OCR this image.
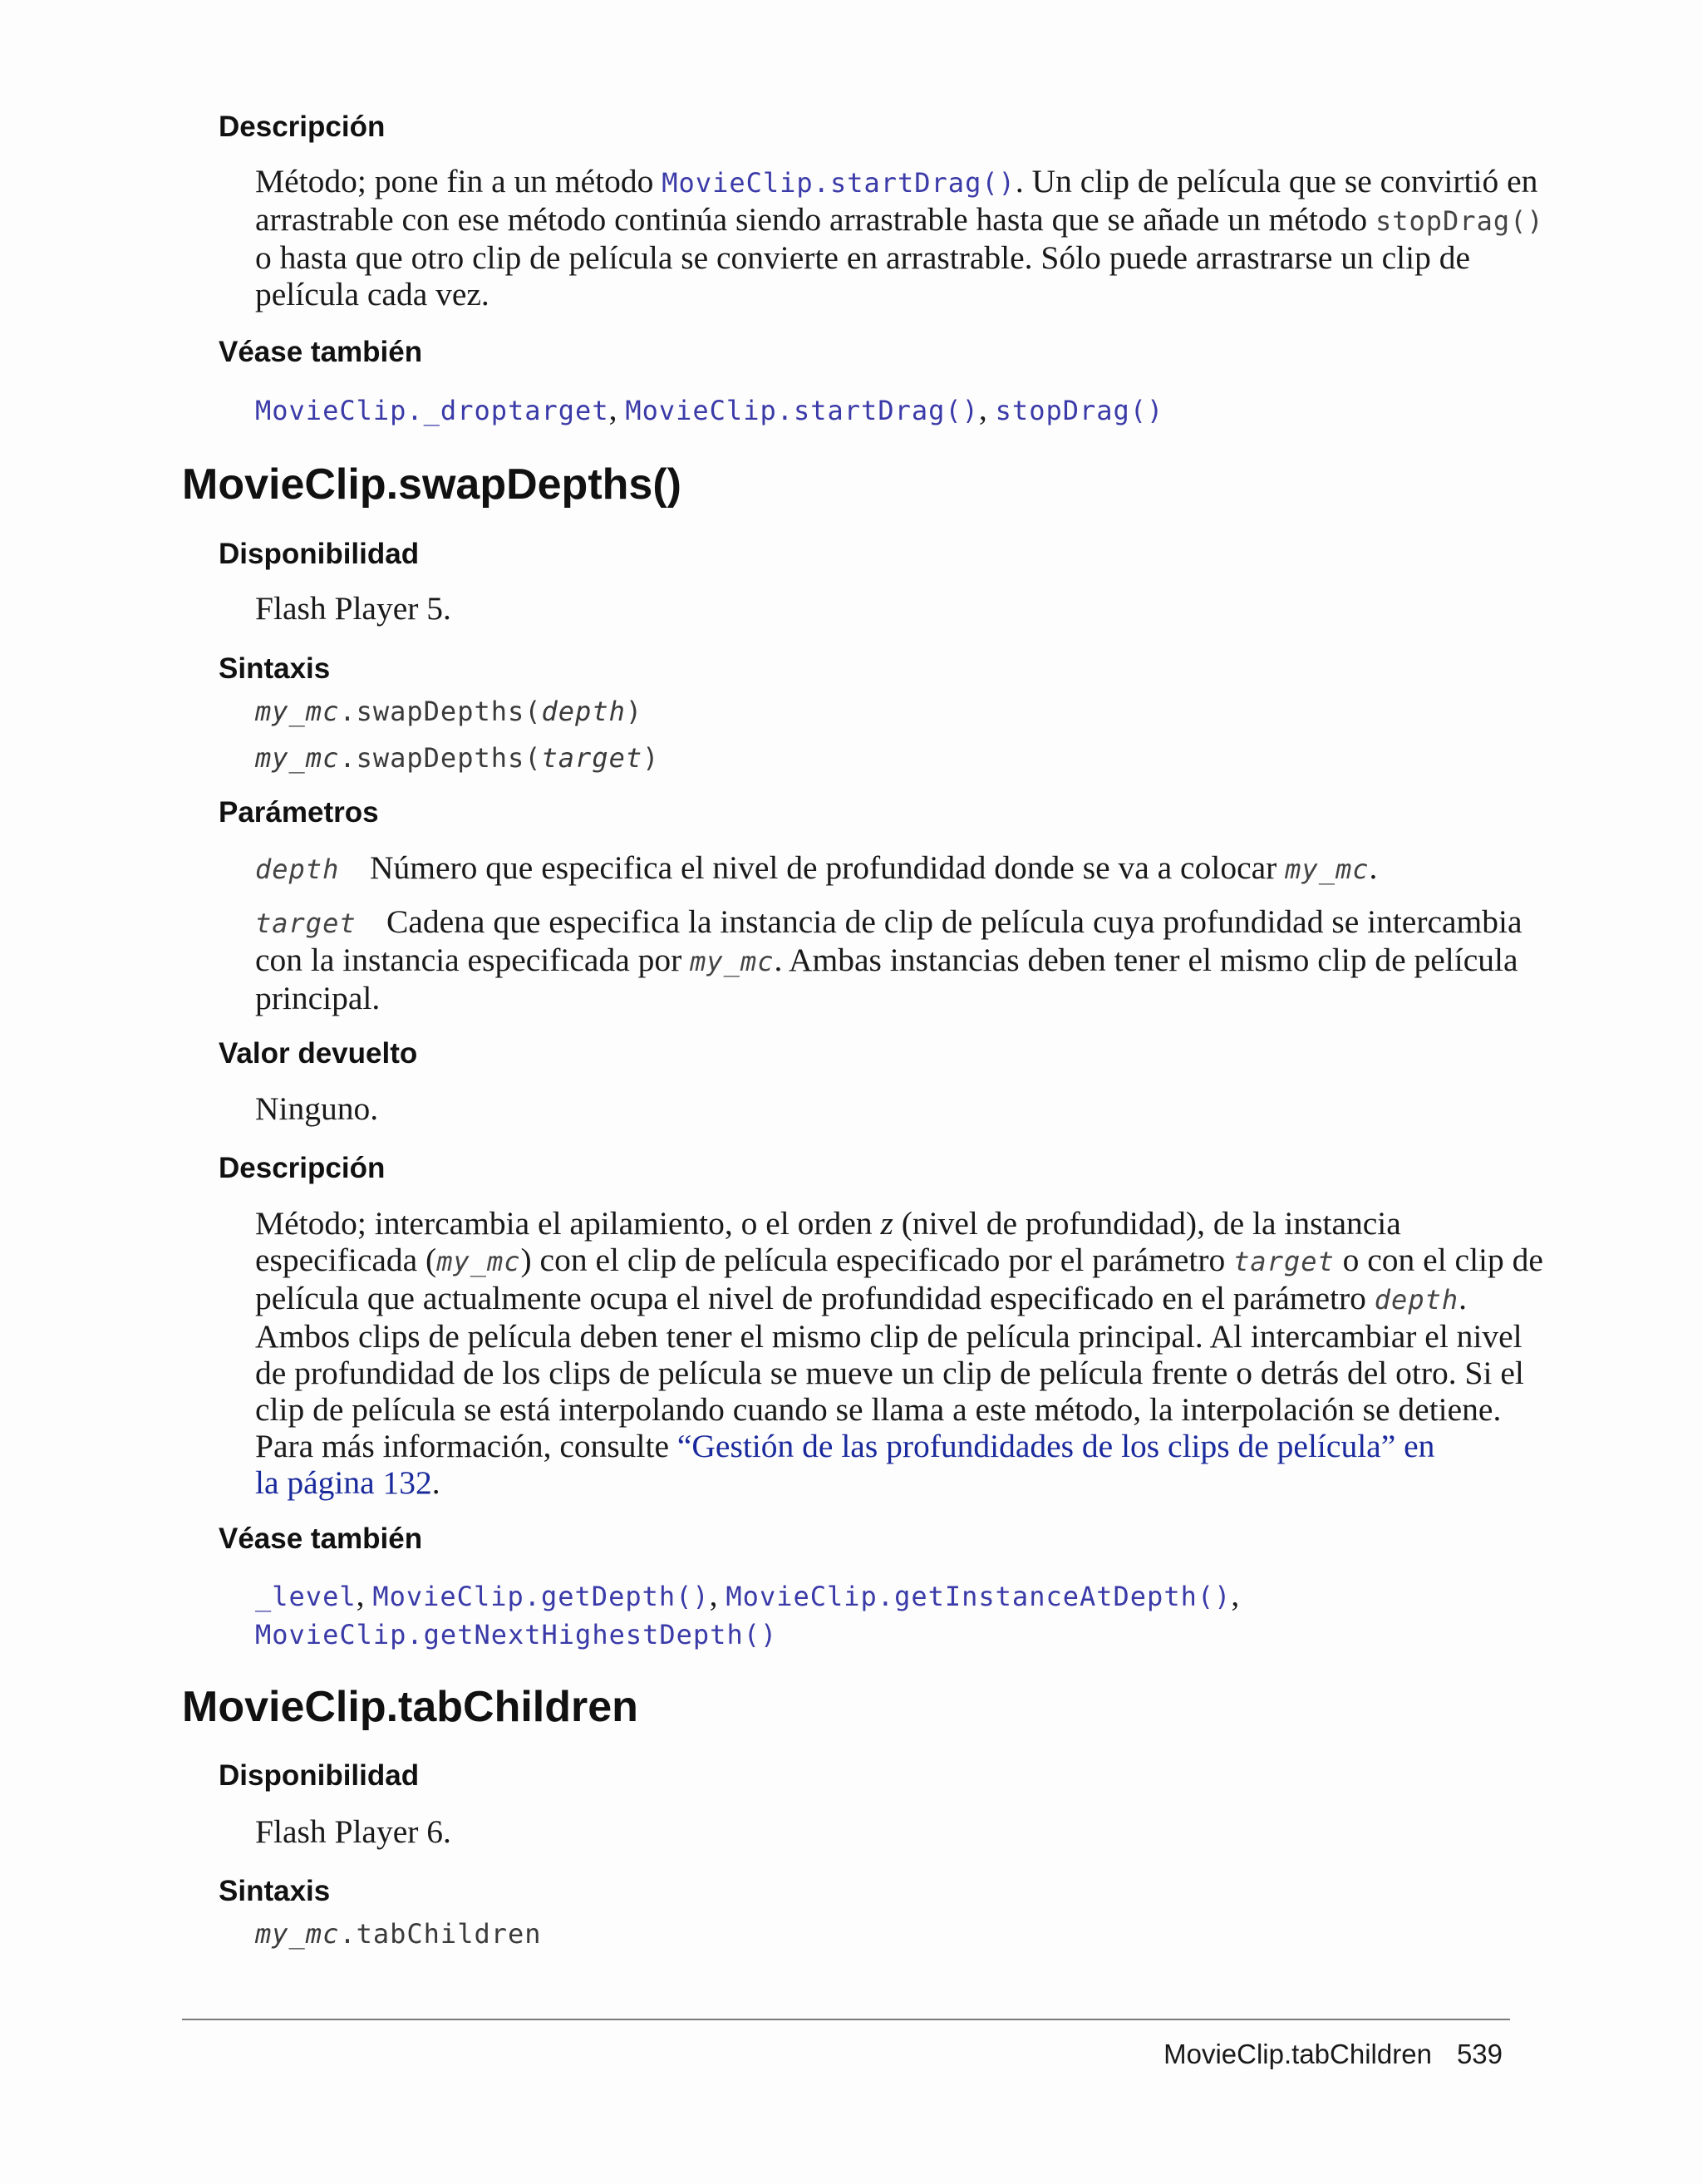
Descripción
Método; pone fin a un método MovieClip.startDrag(). Un clip de película que se convirtió en
arrastrable con ese método continúa siendo arrastrable hasta que se añade un método stopDrag()
o hasta que otro clip de película se convierte en arrastrable. Sólo puede arrastrarse un clip de
película cada vez.
Véase también
MovieClip._droptarget, MovieClip.startDrag(), stopDrag()
MovieClip.swapDepths()
Disponibilidad
Flash Player 5.
Sintaxis
my_mc.swapDepths(depth)
my_mc.swapDepths(target)
Parámetros
depth Número que especifica el nivel de profundidad donde se va a colocar my_mc.
target Cadena que especifica la instancia de clip de película cuya profundidad se intercambia
con la instancia especificada por my_mc. Ambas instancias deben tener el mismo clip de película
principal.
Valor devuelto
Ninguno.
Descripción
Método; intercambia el apilamiento, o el orden z (nivel de profundidad), de la instancia
especificada (my_mc) con el clip de película especificado por el parámetro target o con el clip de
película que actualmente ocupa el nivel de profundidad especificado en el parámetro depth.
Ambos clips de película deben tener el mismo clip de película principal. Al intercambiar el nivel
de profundidad de los clips de película se mueve un clip de película frente o detrás del otro. Si el
clip de película se está interpolando cuando se llama a este método, la interpolación se detiene.
Para más información, consulte “Gestión de las profundidades de los clips de película” en
la página 132.
Véase también
_level, MovieClip.getDepth(), MovieClip.getInstanceAtDepth(),
MovieClip.getNextHighestDepth()
MovieClip.tabChildren
Disponibilidad
Flash Player 6.
Sintaxis
my_mc.tabChildren
MovieClip.tabChildren 539
